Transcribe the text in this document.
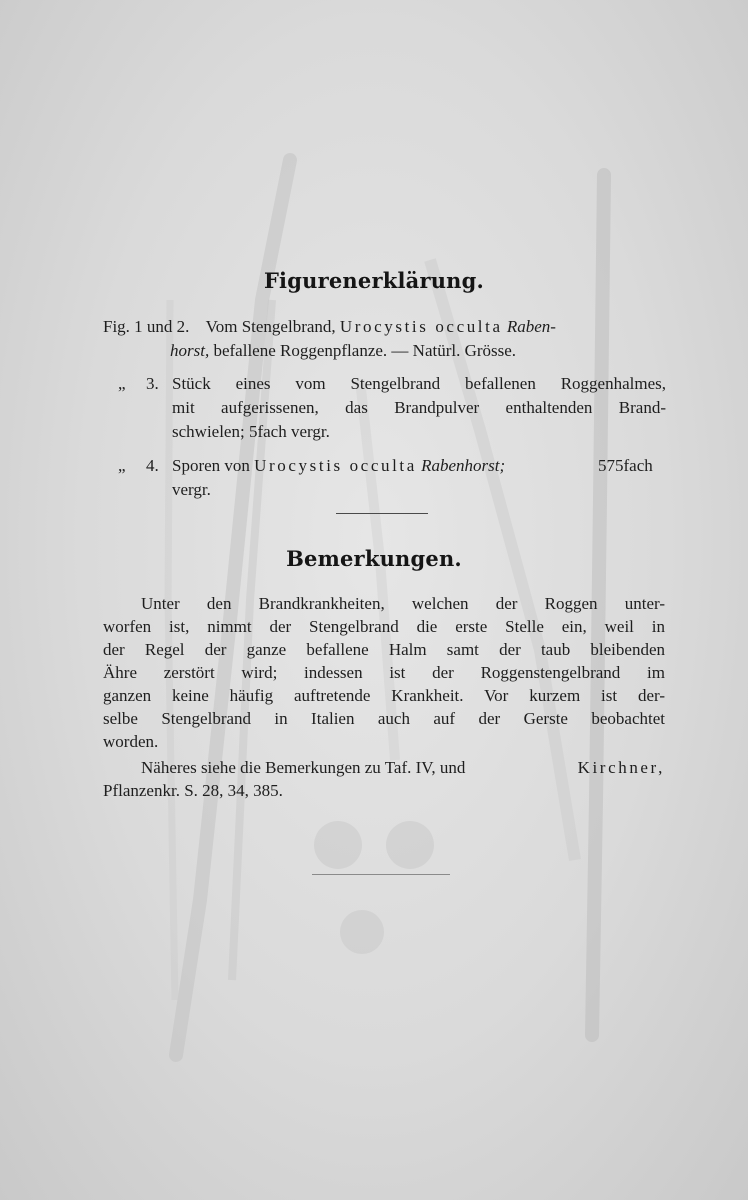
Figurenerklärung.
Fig. 1 und 2. Vom Stengelbrand, Urocystis occulta Raben-
horst, befallene Roggenpflanze. — Natürl. Grösse.
„ 3. Stück eines vom Stengelbrand befallenen Roggenhalmes,
mit aufgerissenen, das Brandpulver enthaltenden Brand-
schwielen; 5fach vergr.
„ 4. Sporen von Urocystis occulta Rabenhorst;	575fach
vergr.
Bemerkungen.
Unter den Brandkrankheiten, welchen der Roggen unter-
worfen ist, nimmt der Stengelbrand die erste Stelle ein, weil in
der Regel der ganze befallene Halm samt der taub bleibenden
Ähre zerstört wird; indessen ist der Roggenstengelbrand im
ganzen keine häufig auftretende Krankheit. Vor kurzem ist der-
selbe Stengelbrand in Italien auch auf der Gerste beobachtet
worden.
Näheres siehe die Bemerkungen zu Taf. IV, und	Kirchner,
Pflanzenkr. S. 28, 34, 385.
